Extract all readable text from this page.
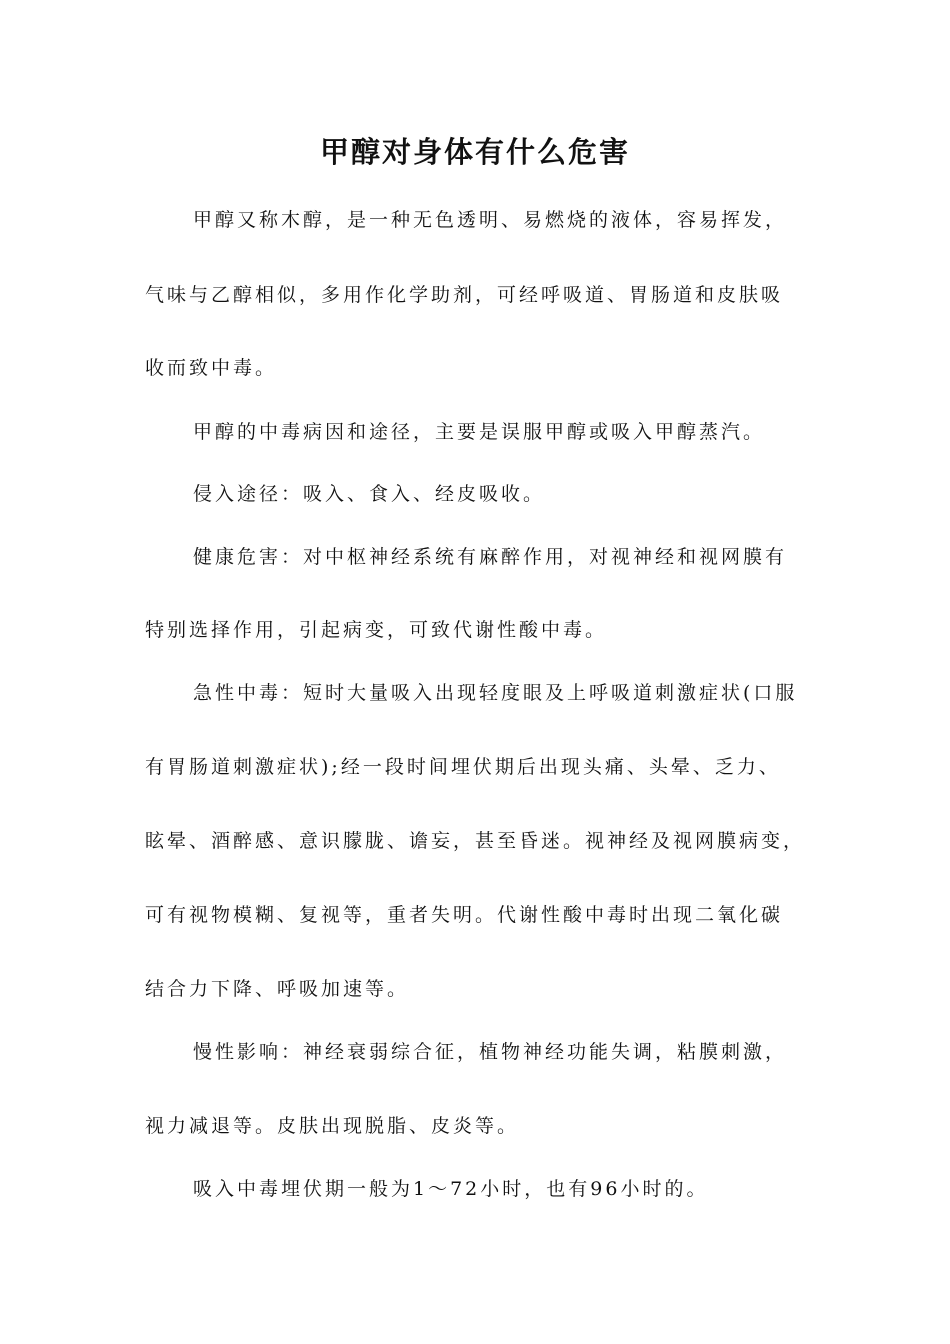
甲醇对身体有什么危害
甲醇又称木醇，是一种无色透明、易燃烧的液体，容易挥发，
气味与乙醇相似，多用作化学助剂，可经呼吸道、胃肠道和皮肤吸
收而致中毒。
甲醇的中毒病因和途径，主要是误服甲醇或吸入甲醇蒸汽。
侵入途径：吸入、食入、经皮吸收。
健康危害：对中枢神经系统有麻醉作用，对视神经和视网膜有
特别选择作用，引起病变，可致代谢性酸中毒。
急性中毒：短时大量吸入出现轻度眼及上呼吸道刺激症状(口服
有胃肠道刺激症状);经一段时间埋伏期后出现头痛、头晕、乏力、
眩晕、酒醉感、意识朦胧、谵妄，甚至昏迷。视神经及视网膜病变，
可有视物模糊、复视等，重者失明。代谢性酸中毒时出现二氧化碳
结合力下降、呼吸加速等。
慢性影响：神经衰弱综合征，植物神经功能失调，粘膜刺激，
视力减退等。皮肤出现脱脂、皮炎等。
吸入中毒埋伏期一般为1～72小时，也有96小时的。
